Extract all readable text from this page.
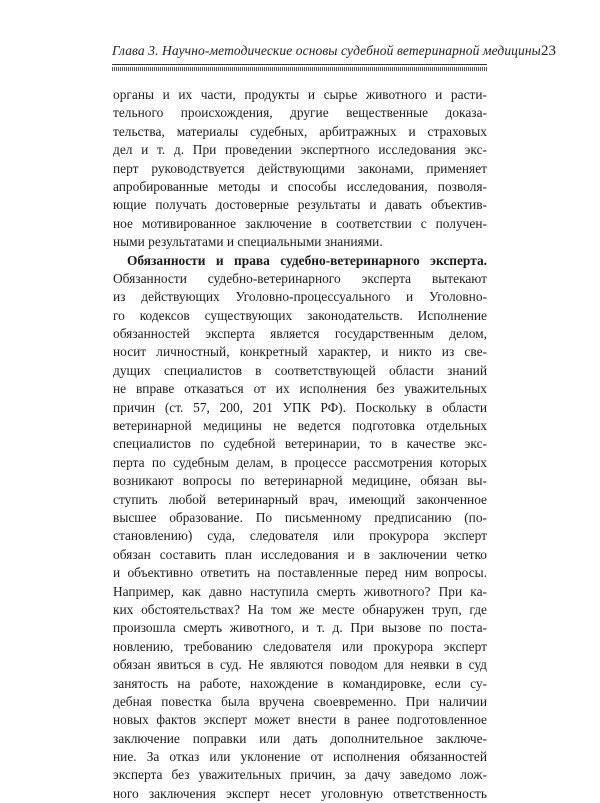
Глава 3. Научно-методические основы судебной ветеринарной медицины 23
органы и их части, продукты и сырье животного и расти-
тельного происхождения, другие вещественные доказа-
тельства, материалы судебных, арбитражных и страховых
дел и т. д. При проведении экспертного исследования экс-
перт руководствуется действующими законами, применяет
апробированные методы и способы исследования, позволя-
ющие получать достоверные результаты и давать объектив-
ное мотивированное заключение в соответствии с получен-
ными результатами и специальными знаниями.
Обязанности и права судебно-ветеринарного эксперта.
Обязанности судебно-ветеринарного эксперта вытекают
из действующих Уголовно-процессуального и Уголовно-
го кодексов существующих законодательств. Исполнение
обязанностей эксперта является государственным делом,
носит личностный, конкретный характер, и никто из све-
дущих специалистов в соответствующей области знаний
не вправе отказаться от их исполнения без уважительных
причин (ст. 57, 200, 201 УПК РФ). Поскольку в области
ветеринарной медицины не ведется подготовка отдельных
специалистов по судебной ветеринарии, то в качестве экс-
перта по судебным делам, в процессе рассмотрения которых
возникают вопросы по ветеринарной медицине, обязан вы-
ступить любой ветеринарный врач, имеющий законченное
высшее образование. По письменному предписанию (по-
становлению) суда, следователя или прокурора эксперт
обязан составить план исследования и в заключении четко
и объективно ответить на поставленные перед ним вопросы.
Например, как давно наступила смерть животного? При ка-
ких обстоятельствах? На том же месте обнаружен труп, где
произошла смерть животного, и т. д. При вызове по поста-
новлению, требованию следователя или прокурора эксперт
обязан явиться в суд. Не являются поводом для неявки в суд
занятость на работе, нахождение в командировке, если су-
дебная повестка была вручена своевременно. При наличии
новых фактов эксперт может внести в ранее подготовленное
заключение поправки или дать дополнительное заключе-
ние. За отказ или уклонение от исполнения обязанностей
эксперта без уважительных причин, за дачу заведомо лож-
ного заключения эксперт несет уголовную ответственность
